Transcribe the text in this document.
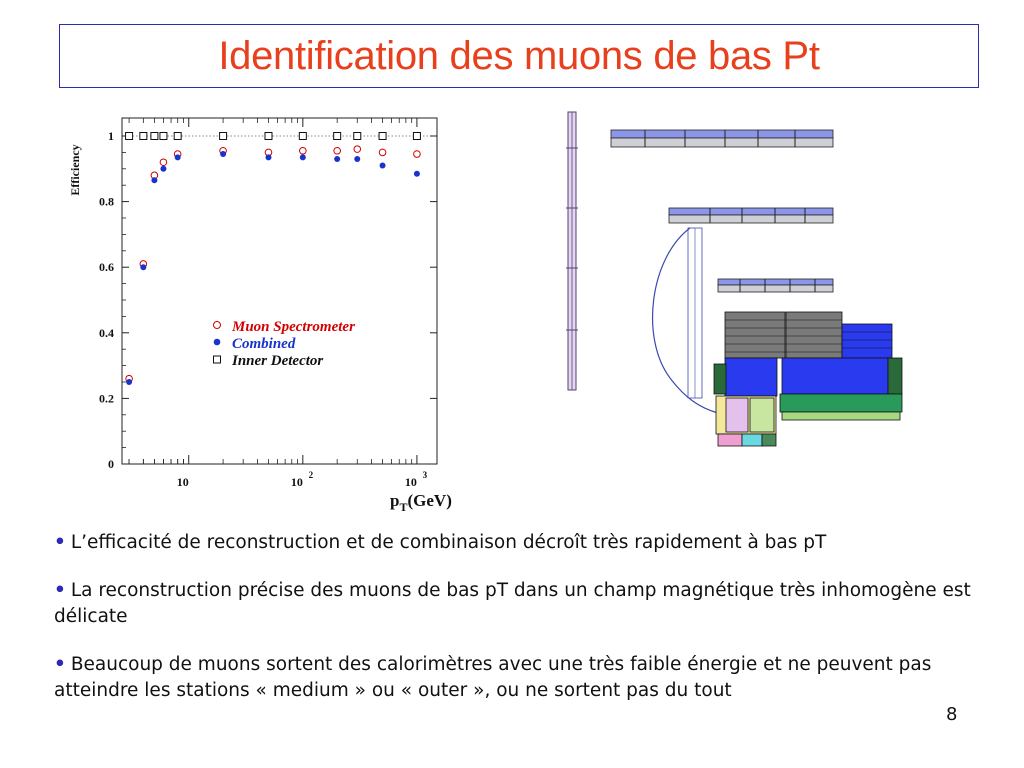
Identification des muons de bas Pt
0
0.2
0.4
0.6
0.8
1
10	10 2	10 3
Efficiency
$p_T(GeV)$
Muon Spectrometer
Combined
Inner Detector
• L’efficacité de reconstruction et de combinaison décroît très rapidement à bas pT
• La reconstruction précise des muons de bas pT dans un champ magnétique très inhomogène est délicate
• Beaucoup de muons sortent des calorimètres avec une très faible énergie et ne peuvent pas atteindre les stations « medium » ou « outer », ou ne sortent pas du tout
8
